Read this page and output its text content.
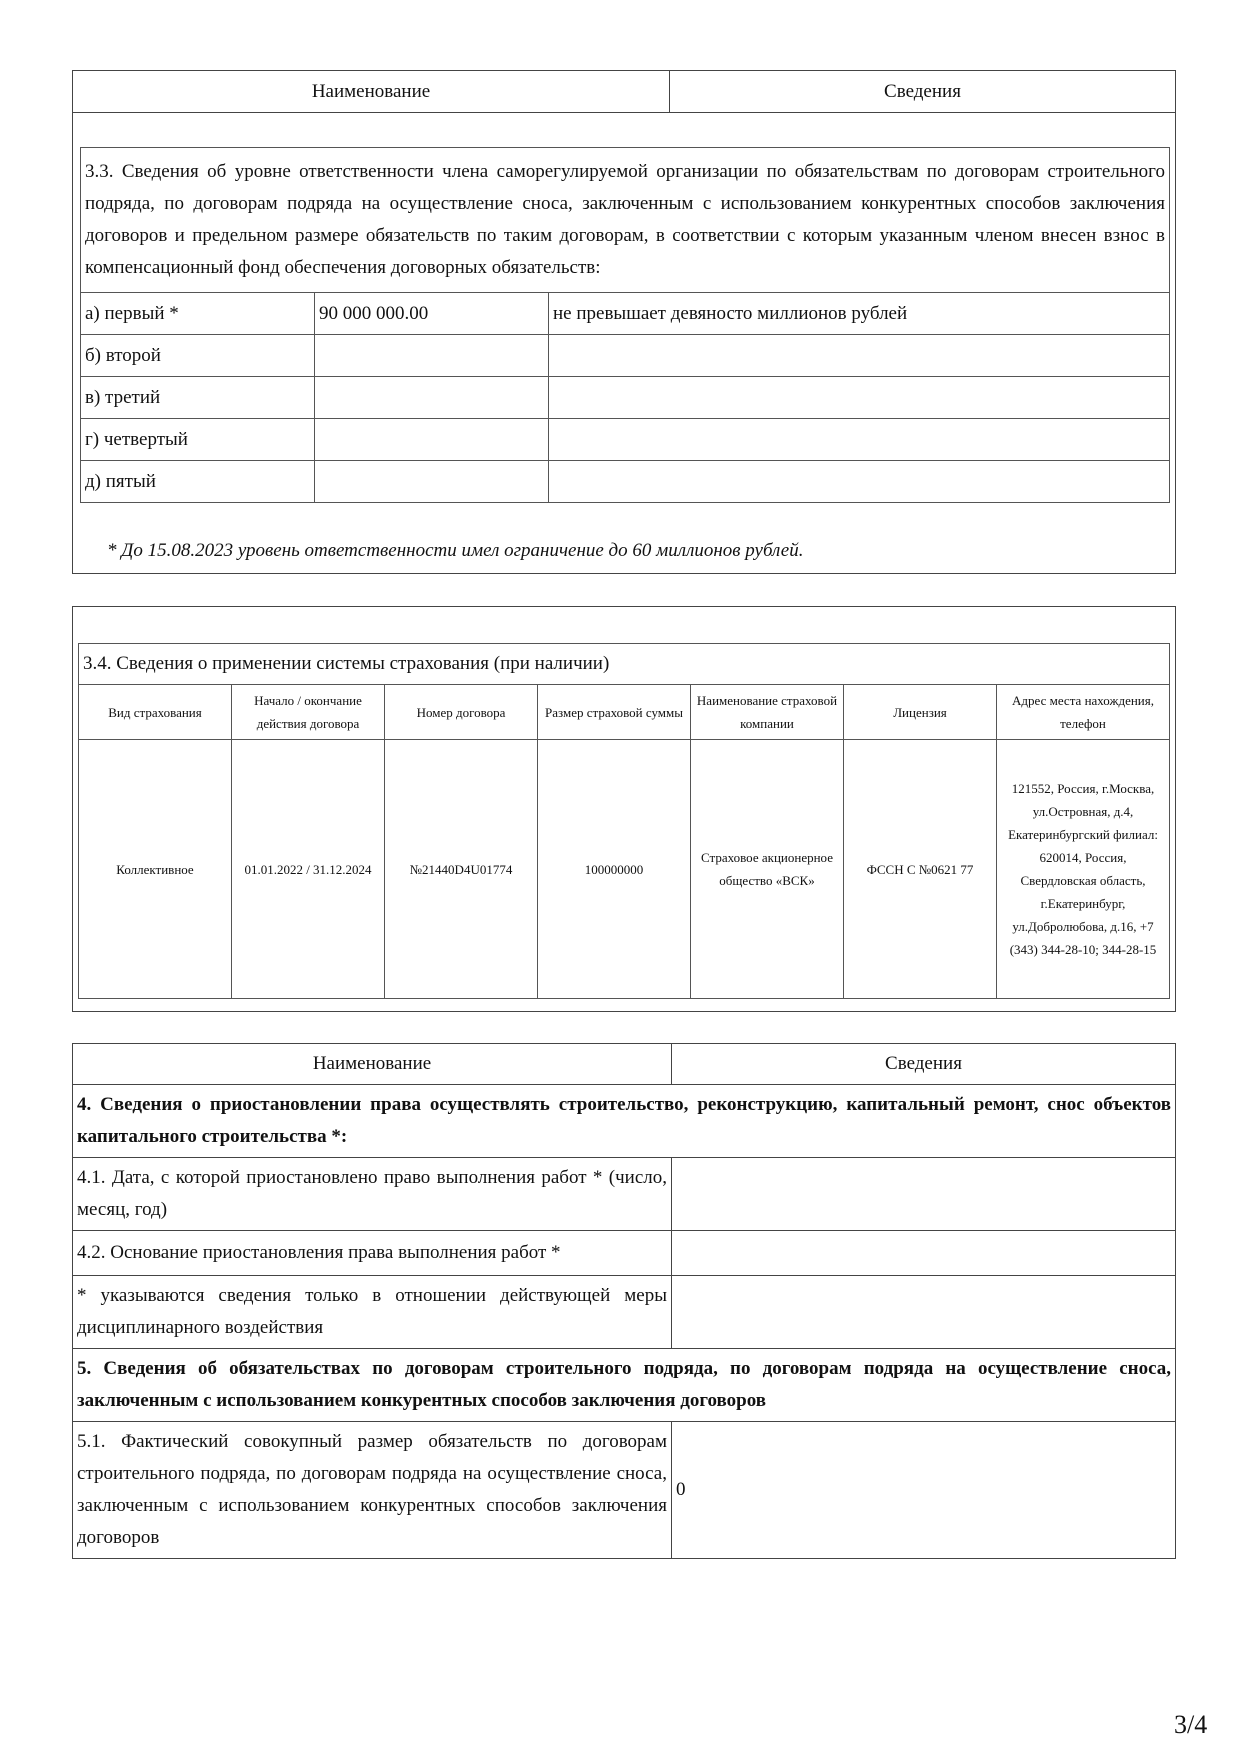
3.3. Сведения об уровне ответственности члена саморегулируемой организации по обязательствам по договорам строительного подряда, по договорам подряда на осуществление сноса, заключенным с использованием конкурентных способов заключения договоров и предельном размере обязательств по таким договорам, в соответствии с которым указанным членом внесен взнос в компенсационный фонд обеспечения договорных обязательств:		
а) первый *	90 000 000.00	не превышает девяносто миллионов рублей
б) второй		
в) третий		
г) четвертый		
д) пятый		
* До 15.08.2023 уровень ответственности имел ограничение до 60 миллионов рублей.
Наименование	Сведения
3.4. Сведения о применении системы страхования (при наличии)						
Вид страхования	Начало / окончание действия договора	Номер договора	Размер страховой суммы	Наименование страховой компании	Лицензия	Адрес места нахождения, телефон
Коллективное	01.01.2022 / 31.12.2024	№21440D4U01774	100000000	Страховое акционерное общество «ВСК»	ФССН С №0621 77	121552, Россия, г.Москва, ул.Островная, д.4, Екатеринбургский филиал: 620014, Россия, Свердловская область, г.Екатеринбург, ул.Добролюбова, д.16, +7 (343) 344-28-10; 344-28-15
Наименование	Сведения
4. Сведения о приостановлении права осуществлять строительство, реконструкцию, капитальный ремонт, снос объектов капитального строительства *:	
4.1. Дата, с которой приостановлено право выполнения работ * (число, месяц, год)	
4.2. Основание приостановления права выполнения работ *	
* указываются сведения только в отношении действующей меры дисциплинарного воздействия	
5. Сведения об обязательствах по договорам строительного подряда, по договорам подряда на осуществление сноса, заключенным с использованием конкурентных способов заключения договоров	
5.1. Фактический совокупный размер обязательств по договорам строительного подряда, по договорам подряда на осуществление сноса, заключенным с использованием конкурентных способов заключения договоров	0
3/4
